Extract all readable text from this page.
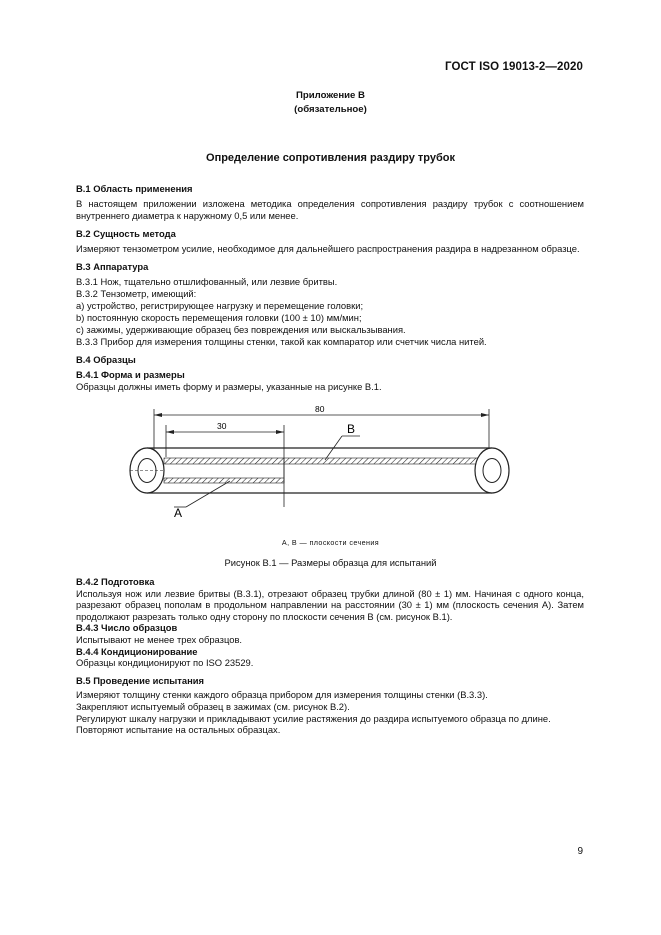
ГОСТ ISO 19013-2—2020
Приложение В
(обязательное)
Определение сопротивления раздиру трубок

В.1 Область применения

В настоящем приложении изложена методика определения сопротивления раздиру трубок с соотношением внутреннего диаметра к наружному 0,5 или менее.

В.2 Сущность метода

Измеряют тензометром усилие, необходимое для дальнейшего распространения раздира в надрезанном образце.

В.3 Аппаратура

В.3.1 Нож, тщательно отшлифованный, или лезвие бритвы.

В.3.2 Тензометр, имеющий:

а) устройство, регистрирующее нагрузку и перемещение головки;

b) постоянную скорость перемещения головки (100 ± 10) мм/мин;

с) зажимы, удерживающие образец без повреждения или выскальзывания.

В.3.3 Прибор для измерения толщины стенки, такой как компаратор или счетчик числа нитей.

В.4 Образцы

В.4.1 Форма и размеры

Образцы должны иметь форму и размеры, указанные на рисунке В.1.

80
30	В
А
А, В — плоскости сечения
Рисунок В.1 — Размеры образца для испытаний

В.4.2 Подготовка

Используя нож или лезвие бритвы (В.3.1), отрезают образец трубки длиной (80 ± 1) мм. Начиная с одного конца, разрезают образец пополам в продольном направлении на расстоянии (30 ± 1) мм (плоскость сечения А). Затем продолжают разрезать только одну сторону по плоскости сечения В (см. рисунок В.1).

В.4.3 Число образцов

Испытывают не менее трех образцов.

В.4.4 Кондиционирование

Образцы кондиционируют по ISO 23529.

В.5 Проведение испытания

Измеряют толщину стенки каждого образца прибором для измерения толщины стенки (В.3.3).

Закрепляют испытуемый образец в зажимах (см. рисунок В.2).

Регулируют шкалу нагрузки и прикладывают усилие растяжения до раздира испытуемого образца по длине.

Повторяют испытание на остальных образцах.

9
